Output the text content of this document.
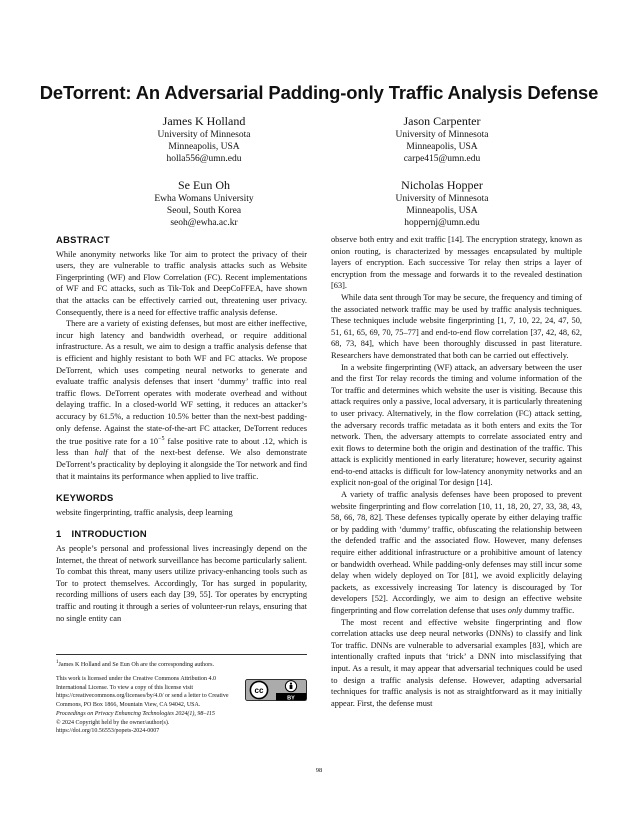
DeTorrent: An Adversarial Padding-only Traffic Analysis Defense
James K Holland
University of Minnesota
Minneapolis, USA
holla556@umn.edu
Jason Carpenter
University of Minnesota
Minneapolis, USA
carpe415@umn.edu
Se Eun Oh
Ewha Womans University
Seoul, South Korea
seoh@ewha.ac.kr
Nicholas Hopper
University of Minnesota
Minneapolis, USA
hoppernj@umn.edu
ABSTRACT

While anonymity networks like Tor aim to protect the privacy of their users, they are vulnerable to traffic analysis attacks such as Website Fingerprinting (WF) and Flow Correlation (FC). Recent implementations of WF and FC attacks, such as Tik-Tok and DeepCoFFEA, have shown that the attacks can be effectively carried out, threatening user privacy. Consequently, there is a need for effective traffic analysis defense.

There are a variety of existing defenses, but most are either ineffective, incur high latency and bandwidth overhead, or require additional infrastructure. As a result, we aim to design a traffic analysis defense that is efficient and highly resistant to both WF and FC attacks. We propose DeTorrent, which uses competing neural networks to generate and evaluate traffic analysis defenses that insert ‘dummy’ traffic into real traffic flows. DeTorrent operates with moderate overhead and without delaying traffic. In a closed-world WF setting, it reduces an attacker’s accuracy by 61.5%, a reduction 10.5% better than the next-best padding-only defense. Against the state-of-the-art FC attacker, DeTorrent reduces the true positive rate for a $10^{-5}$ false positive rate to about .12, which is less than half that of the next-best defense. We also demonstrate DeTorrent’s practicality by deploying it alongside the Tor network and find that it maintains its performance when applied to live traffic.

KEYWORDS

website fingerprinting, traffic analysis, deep learning

1 INTRODUCTION

As people’s personal and professional lives increasingly depend on the Internet, the threat of network surveillance has become particularly salient. To combat this threat, many users utilize privacy-enhancing tools such as Tor to protect themselves. Accordingly, Tor has surged in popularity, recording millions of users each day [39, 55]. Tor operates by encrypting traffic and routing it through a series of volunteer-run relays, ensuring that no single entity can

$^1$James K Holland and Se Eun Oh are the corresponding authors.
This work is licensed under the Creative Commons Attribution 4.0 International License. To view a copy of this license visit https://creativecommons.org/licenses/by/4.0/ or send a letter to Creative Commons, PO Box 1866, Mountain View, CA 94042, USA.
Proceedings on Privacy Enhancing Technologies 2024(1), 98–115
© 2024 Copyright held by the owner/author(s).
https://doi.org/10.56553/popets-2024-0007
cc
BY

observe both entry and exit traffic [14]. The encryption strategy, known as onion routing, is characterized by messages encapsulated by multiple layers of encryption. Each successive Tor relay then strips a layer of encryption from the message and forwards it to the revealed destination [63].

While data sent through Tor may be secure, the frequency and timing of the associated network traffic may be used by traffic analysis techniques. These techniques include website fingerprinting [1, 7, 10, 22, 24, 47, 50, 51, 61, 65, 69, 70, 75–77] and end-to-end flow correlation [37, 42, 48, 62, 68, 73, 84], which have been thoroughly discussed in past literature. Researchers have demonstrated that both can be carried out effectively.

In a website fingerprinting (WF) attack, an adversary between the user and the first Tor relay records the timing and volume information of the Tor traffic and determines which website the user is visiting. Because this attack requires only a passive, local adversary, it is particularly threatening to user privacy. Alternatively, in the flow correlation (FC) attack setting, the adversary records traffic metadata as it both enters and exits the Tor network. Then, the adversary attempts to correlate associated entry and exit flows to determine both the origin and destination of the traffic. This attack is explicitly mentioned in early literature; however, security against end-to-end attacks is difficult for low-latency anonymity networks and an explicit non-goal of the original Tor design [14].

A variety of traffic analysis defenses have been proposed to prevent website fingerprinting and flow correlation [10, 11, 18, 20, 27, 33, 38, 43, 58, 66, 78, 82]. These defenses typically operate by either delaying traffic or by padding with ‘dummy’ traffic, obfuscating the relationship between the defended traffic and the associated flow. However, many defenses require either additional infrastructure or a prohibitive amount of latency or bandwidth overhead. While padding-only defenses may still incur some delay when widely deployed on Tor [81], we avoid explicitly delaying packets, as excessively increasing Tor latency is discouraged by Tor developers [52]. Accordingly, we aim to design an effective website fingerprinting and flow correlation defense that uses only dummy traffic.

The most recent and effective website fingerprinting and flow correlation attacks use deep neural networks (DNNs) to classify and link Tor traffic. DNNs are vulnerable to adversarial examples [83], which are intentionally crafted inputs that ‘trick’ a DNN into misclassifying that input. As a result, it may appear that adversarial techniques could be used to design a traffic analysis defense. However, adapting adversarial techniques for traffic analysis is not as straightforward as it may initially appear. First, the defense must

98
